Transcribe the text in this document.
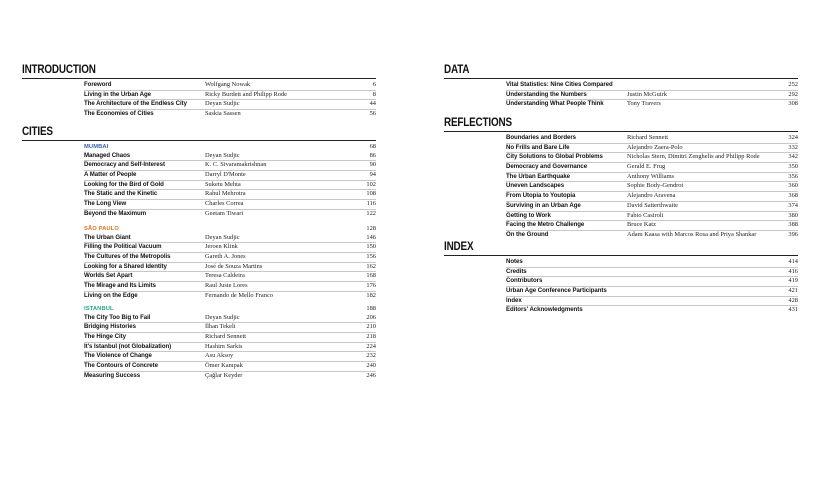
INTRODUCTION
Foreword	Wolfgang Nowak	6
Living in the Urban Age	Ricky Burdett and Philipp Rode	8
The Architecture of the Endless City	Deyan Sudjic	44
The Economies of Cities	Saskia Sassen	56
CITIES
MUMBAI	68
Managed Chaos	Deyan Sudjic	86
Democracy and Self-Interest	K. C. Sivaramakrishnan	90
A Matter of People	Darryl D'Monte	94
Looking for the Bird of Gold	Suketu Mehta	102
The Static and the Kinetic	Rahul Mehrotra	108
The Long View	Charles Correa	116
Beyond the Maximum	Geetam Tiwari	122
SÃO PAULO	128
The Urban Giant	Deyan Sudjic	146
Filling the Political Vacuum	Jeroen Klink	150
The Cultures of the Metropolis	Gareth A. Jones	156
Looking for a Shared Identity	José de Souza Martins	162
Worlds Set Apart	Teresa Caldeira	168
The Mirage and Its Limits	Raul Juste Lores	176
Living on the Edge	Fernando de Mello Franco	182
ISTANBUL	188
The City Too Big to Fail	Deyan Sudjic	206
Bridging Histories	İlhan Tekeli	210
The Hinge City	Richard Sennett	218
It's Istanbul (not Globalization)	Hashim Sarkis	224
The Violence of Change	Asu Aksoy	232
The Contours of Concrete	Ömer Kanıpak	240
Measuring Success	Çağlar Keyder	246
DATA
Vital Statistics: Nine Cities Compared	252
Understanding the Numbers	Justin McGuirk	292
Understanding What People Think	Tony Travers	308
REFLECTIONS
Boundaries and Borders	Richard Sennett	324
No Frills and Bare Life	Alejandro Zaera-Polo	332
City Solutions to Global Problems	Nicholas Stern, Dimitri Zenghelis and Philipp Rode	342
Democracy and Governance	Gerald E. Frug	350
The Urban Earthquake	Anthony Williams	356
Uneven Landscapes	Sophie Body-Gendrot	360
From Utopia to Youtopia	Alejandro Aravena	368
Surviving in an Urban Age	David Satterthwaite	374
Getting to Work	Fabio Casiroli	380
Facing the Metro Challenge	Bruce Katz	388
On the Ground	Adam Kaasa with Marcos Rosa and Priya Shankar	396
INDEX
Notes	414
Credits	416
Contributors	419
Urban Age Conference Participants	421
Index	428
Editors' Acknowledgments	431
